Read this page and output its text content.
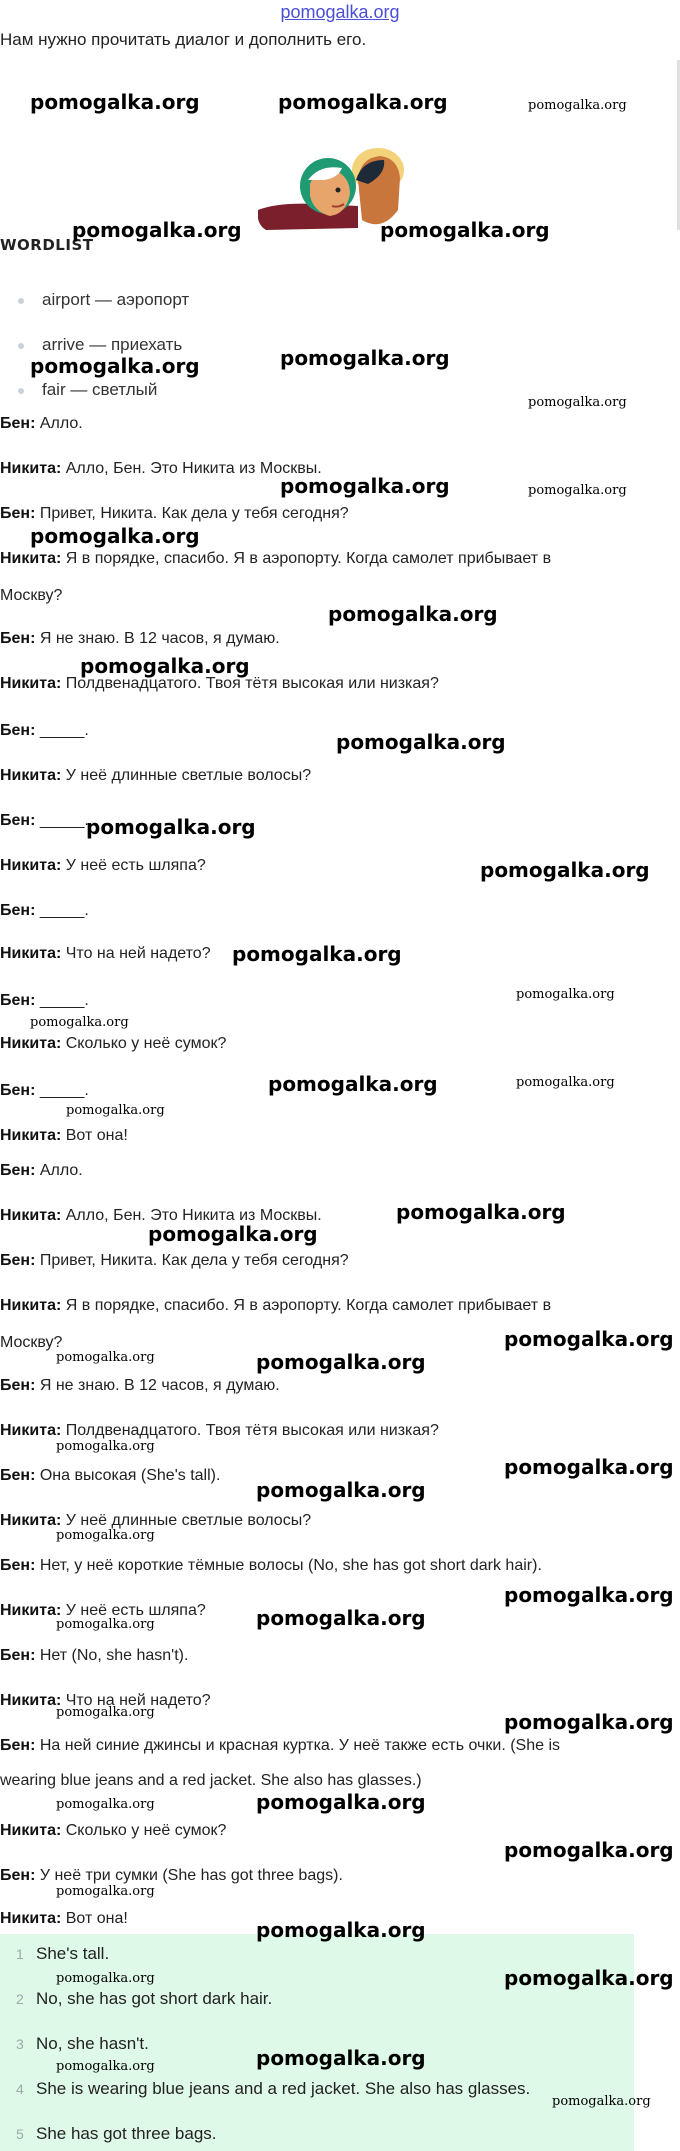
pomogalka.org
Нам нужно прочитать диалог и дополнить его.
WORDLIST
airport — аэропорт
arrive — приехать
fair — светлый
Бен: Алло.
Никита: Алло, Бен. Это Никита из Москвы.
Бен: Привет, Никита. Как дела у тебя сегодня?
Никита: Я в порядке, спасибо. Я в аэропорту. Когда самолет прибывает в
Москву?
Бен: Я не знаю. В 12 часов, я думаю.
Никита: Полдвенадцатого. Твоя тётя высокая или низкая?
Бен: _____.
Никита: У неё длинные светлые волосы?
Бен: _____.
Никита: У неё есть шляпа?
Бен: _____.
Никита: Что на ней надето?
Бен: _____.
Никита: Сколько у неё сумок?
Бен: _____.
Никита: Вот она!
Бен: Алло.
Никита: Алло, Бен. Это Никита из Москвы.
Бен: Привет, Никита. Как дела у тебя сегодня?
Никита: Я в порядке, спасибо. Я в аэропорту. Когда самолет прибывает в
Москву?
Бен: Я не знаю. В 12 часов, я думаю.
Никита: Полдвенадцатого. Твоя тётя высокая или низкая?
Бен: Она высокая (She's tall).
Никита: У неё длинные светлые волосы?
Бен: Нет, у неё короткие тёмные волосы (No, she has got short dark hair).
Никита: У неё есть шляпа?
Бен: Нет (No, she hasn't).
Никита: Что на ней надето?
Бен: На ней синие джинсы и красная куртка. У неё также есть очки. (She is
wearing blue jeans and a red jacket. She also has glasses.)
Никита: Сколько у неё сумок?
Бен: У неё три сумки (She has got three bags).
Никита: Вот она!
1 She's tall.
2 No, she has got short dark hair.
3 No, she hasn't.
4 She is wearing blue jeans and a red jacket. She also has glasses.
5 She has got three bags.
pomogalka.org	pomogalka.org	pomogalka.org
pomogalka.org	pomogalka.org
pomogalka.org	pomogalka.org
pomogalka.org
pomogalka.org	pomogalka.org
pomogalka.org
pomogalka.org
pomogalka.org
pomogalka.org
pomogalka.org
pomogalka.org
pomogalka.org
pomogalka.org
pomogalka.org
pomogalka.org	pomogalka.org
pomogalka.org
pomogalka.org
pomogalka.org
pomogalka.org
pomogalka.org	pomogalka.org
pomogalka.org
pomogalka.org
pomogalka.org
pomogalka.org
pomogalka.org
pomogalka.org
pomogalka.org
pomogalka.org	pomogalka.org
pomogalka.org
pomogalka.org
pomogalka.org
pomogalka.org
pomogalka.org
pomogalka.org	pomogalka.org
pomogalka.org	pomogalka.org
pomogalka.org
